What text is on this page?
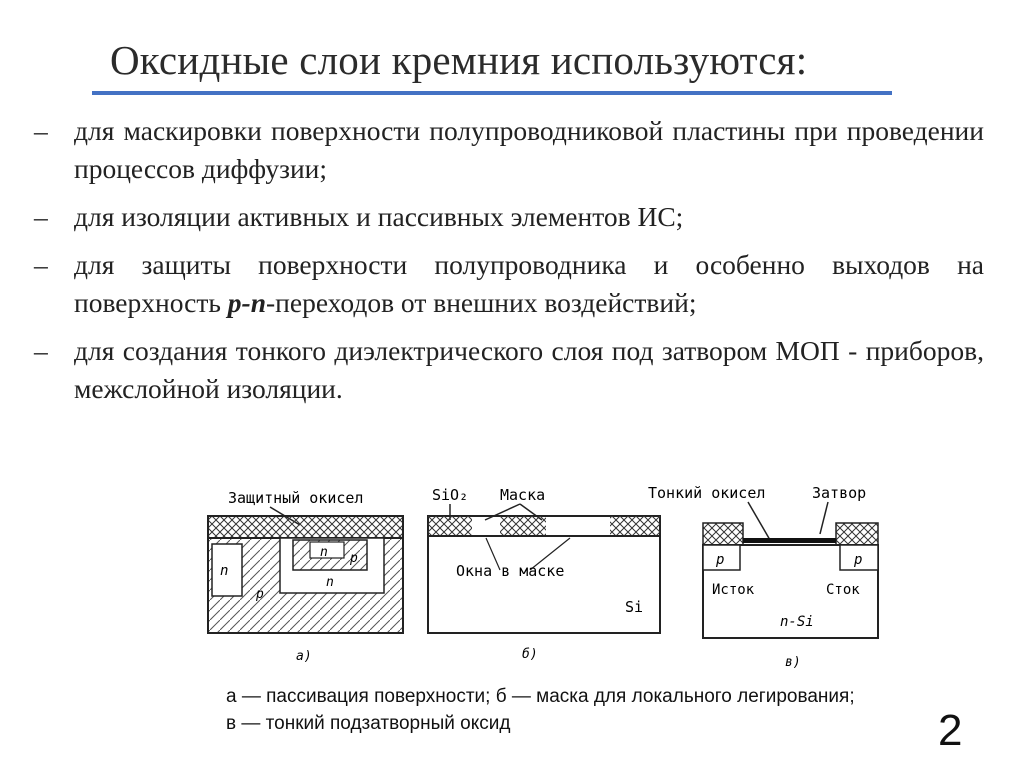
Оксидные слои кремния используются:
– для маскировки поверхности полупроводниковой пластины при проведении процессов диффузии;
– для изоляции активных и пассивных элементов ИС;
– для защиты поверхности полупроводника и особенно выходов на поверхность p-n-переходов от внешних воздействий;
– для создания тонкого диэлектрического слоя под затвором МОП - приборов, межслойной изоляции.
Защитный окисел
n
n p
n
p
а)
SiO₂ Маска
Окна в маске
Si
б)
Тонкий окисел	Затвор
p	p
Исток	Сток
n-Si
в)
а — пассивация поверхности; б — маска для локального легирования; в — тонкий подзатворный оксид	2
